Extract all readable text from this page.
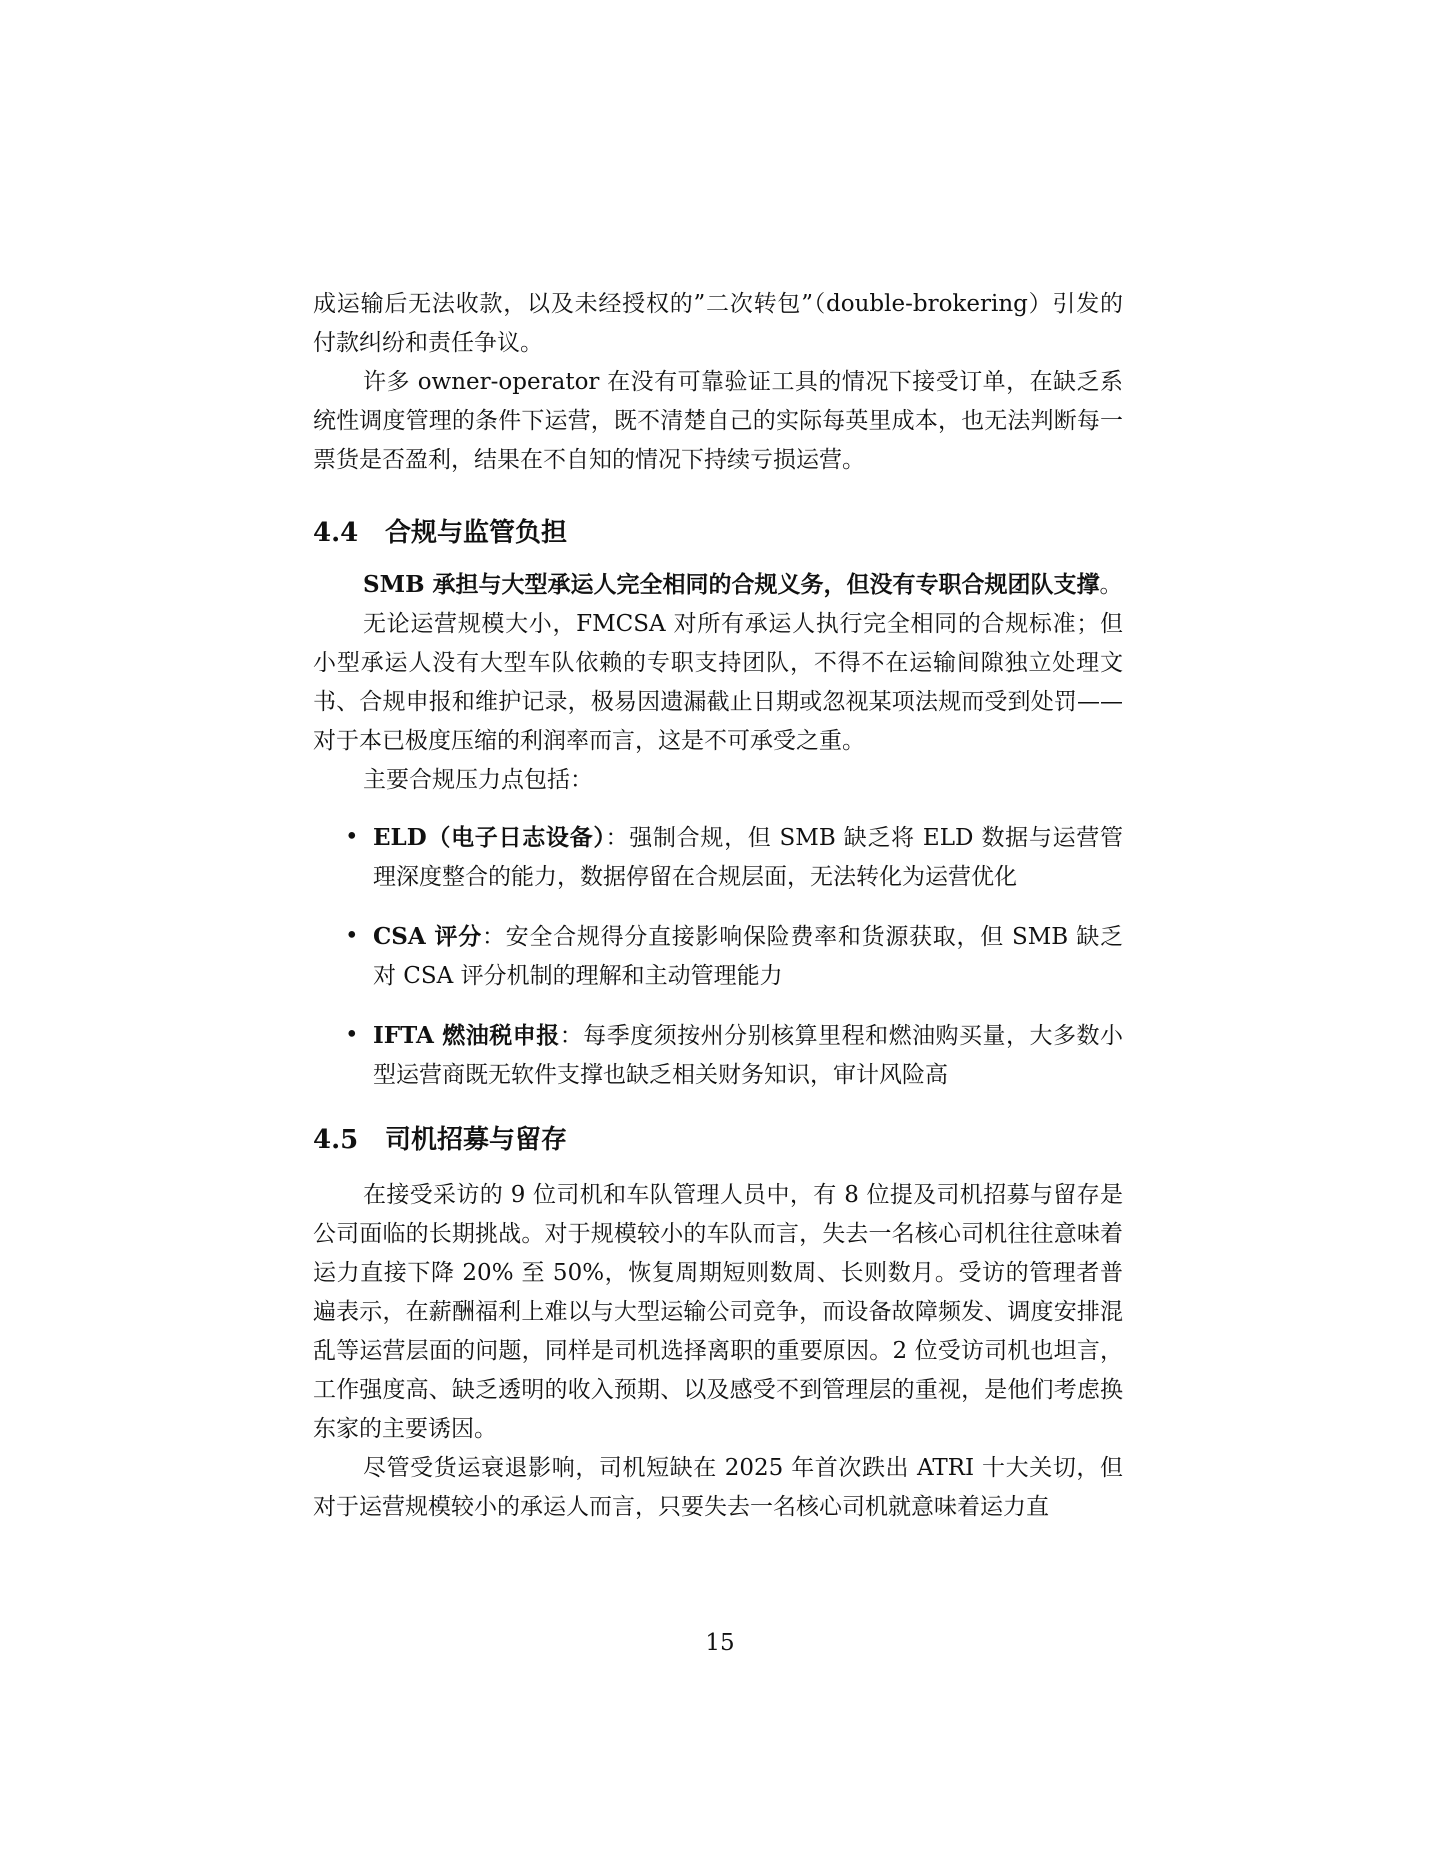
成运输后无法收款，以及未经授权的”二次转包”（double-brokering）引发的付款纠纷和责任争议。

许多 owner-operator 在没有可靠验证工具的情况下接受订单，在缺乏系统性调度管理的条件下运营，既不清楚自己的实际每英里成本，也无法判断每一票货是否盈利，结果在不自知的情况下持续亏损运营。

4.4 合规与监管负担

SMB 承担与大型承运人完全相同的合规义务，但没有专职合规团队支撑。

无论运营规模大小，FMCSA 对所有承运人执行完全相同的合规标准；但小型承运人没有大型车队依赖的专职支持团队，不得不在运输间隙独立处理文书、合规申报和维护记录，极易因遗漏截止日期或忽视某项法规而受到处罚——对于本已极度压缩的利润率而言，这是不可承受之重。

主要合规压力点包括：

• ELD（电子日志设备）：强制合规，但 SMB 缺乏将 ELD 数据与运营管理深度整合的能力，数据停留在合规层面，无法转化为运营优化
• CSA 评分：安全合规得分直接影响保险费率和货源获取，但 SMB 缺乏对 CSA 评分机制的理解和主动管理能力
• IFTA 燃油税申报：每季度须按州分别核算里程和燃油购买量，大多数小型运营商既无软件支撑也缺乏相关财务知识，审计风险高
4.5 司机招募与留存

在接受采访的 9 位司机和车队管理人员中，有 8 位提及司机招募与留存是公司面临的长期挑战。对于规模较小的车队而言，失去一名核心司机往往意味着运力直接下降 20% 至 50%，恢复周期短则数周、长则数月。受访的管理者普遍表示，在薪酬福利上难以与大型运输公司竞争，而设备故障频发、调度安排混乱等运营层面的问题，同样是司机选择离职的重要原因。2 位受访司机也坦言，工作强度高、缺乏透明的收入预期、以及感受不到管理层的重视，是他们考虑换东家的主要诱因。

尽管受货运衰退影响，司机短缺在 2025 年首次跌出 ATRI 十大关切，但对于运营规模较小的承运人而言，只要失去一名核心司机就意味着运力直

15
